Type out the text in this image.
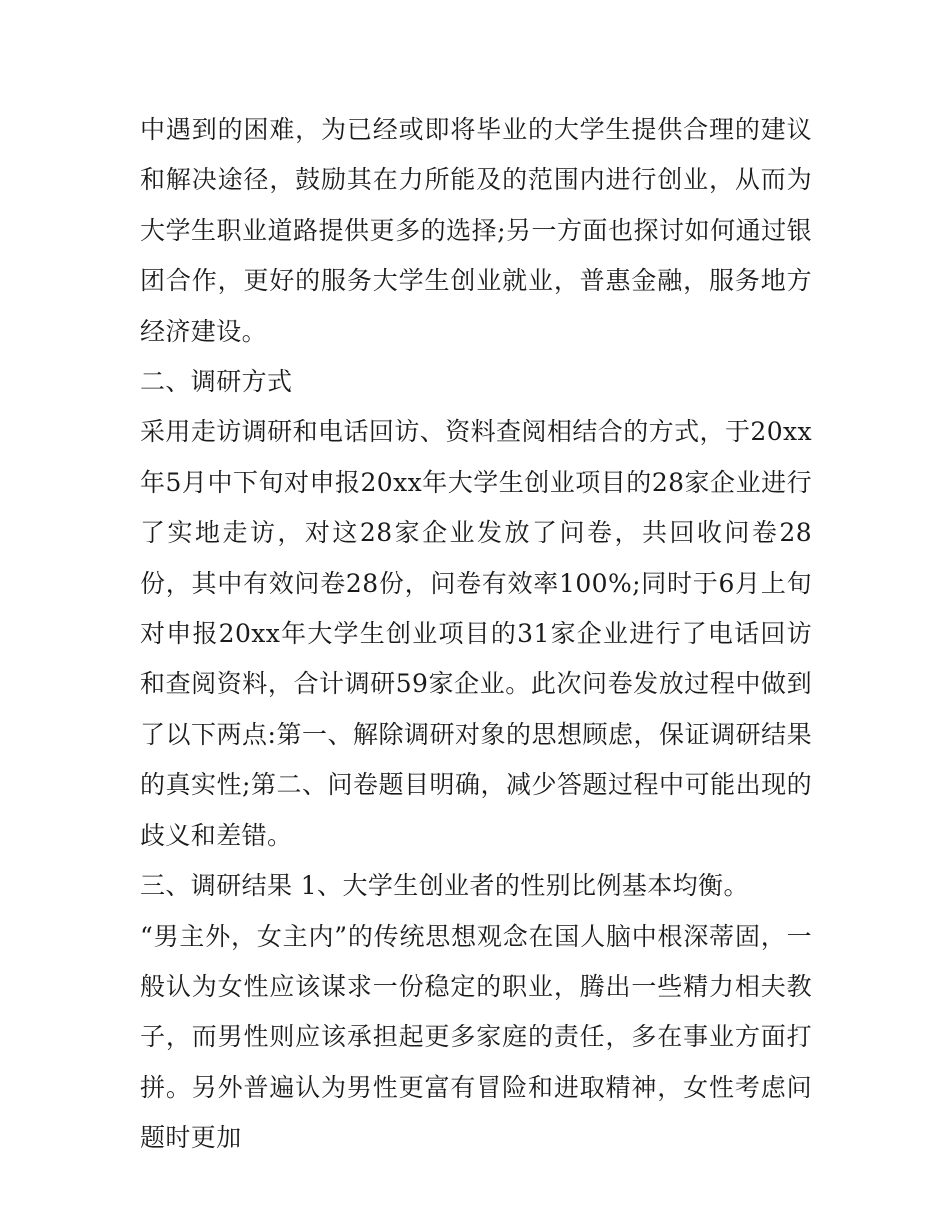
中遇到的困难，为已经或即将毕业的大学生提供合理的建议和解决途径，鼓励其在力所能及的范围内进行创业，从而为大学生职业道路提供更多的选择;另一方面也探讨如何通过银团合作，更好的服务大学生创业就业，普惠金融，服务地方经济建设。

二、调研方式

采用走访调研和电话回访、资料查阅相结合的方式，于20xx年5月中下旬对申报20xx年大学生创业项目的28家企业进行了实地走访，对这28家企业发放了问卷，共回收问卷28份，其中有效问卷28份，问卷有效率100%;同时于6月上旬对申报20xx年大学生创业项目的31家企业进行了电话回访和查阅资料，合计调研59家企业。此次问卷发放过程中做到了以下两点:第一、解除调研对象的思想顾虑，保证调研结果的真实性;第二、问卷题目明确，减少答题过程中可能出现的歧义和差错。

三、调研结果 1、大学生创业者的性别比例基本均衡。

“男主外，女主内”的传统思想观念在国人脑中根深蒂固，一般认为女性应该谋求一份稳定的职业，腾出一些精力相夫教子，而男性则应该承担起更多家庭的责任，多在事业方面打拼。另外普遍认为男性更富有冒险和进取精神，女性考虑问题时更加
